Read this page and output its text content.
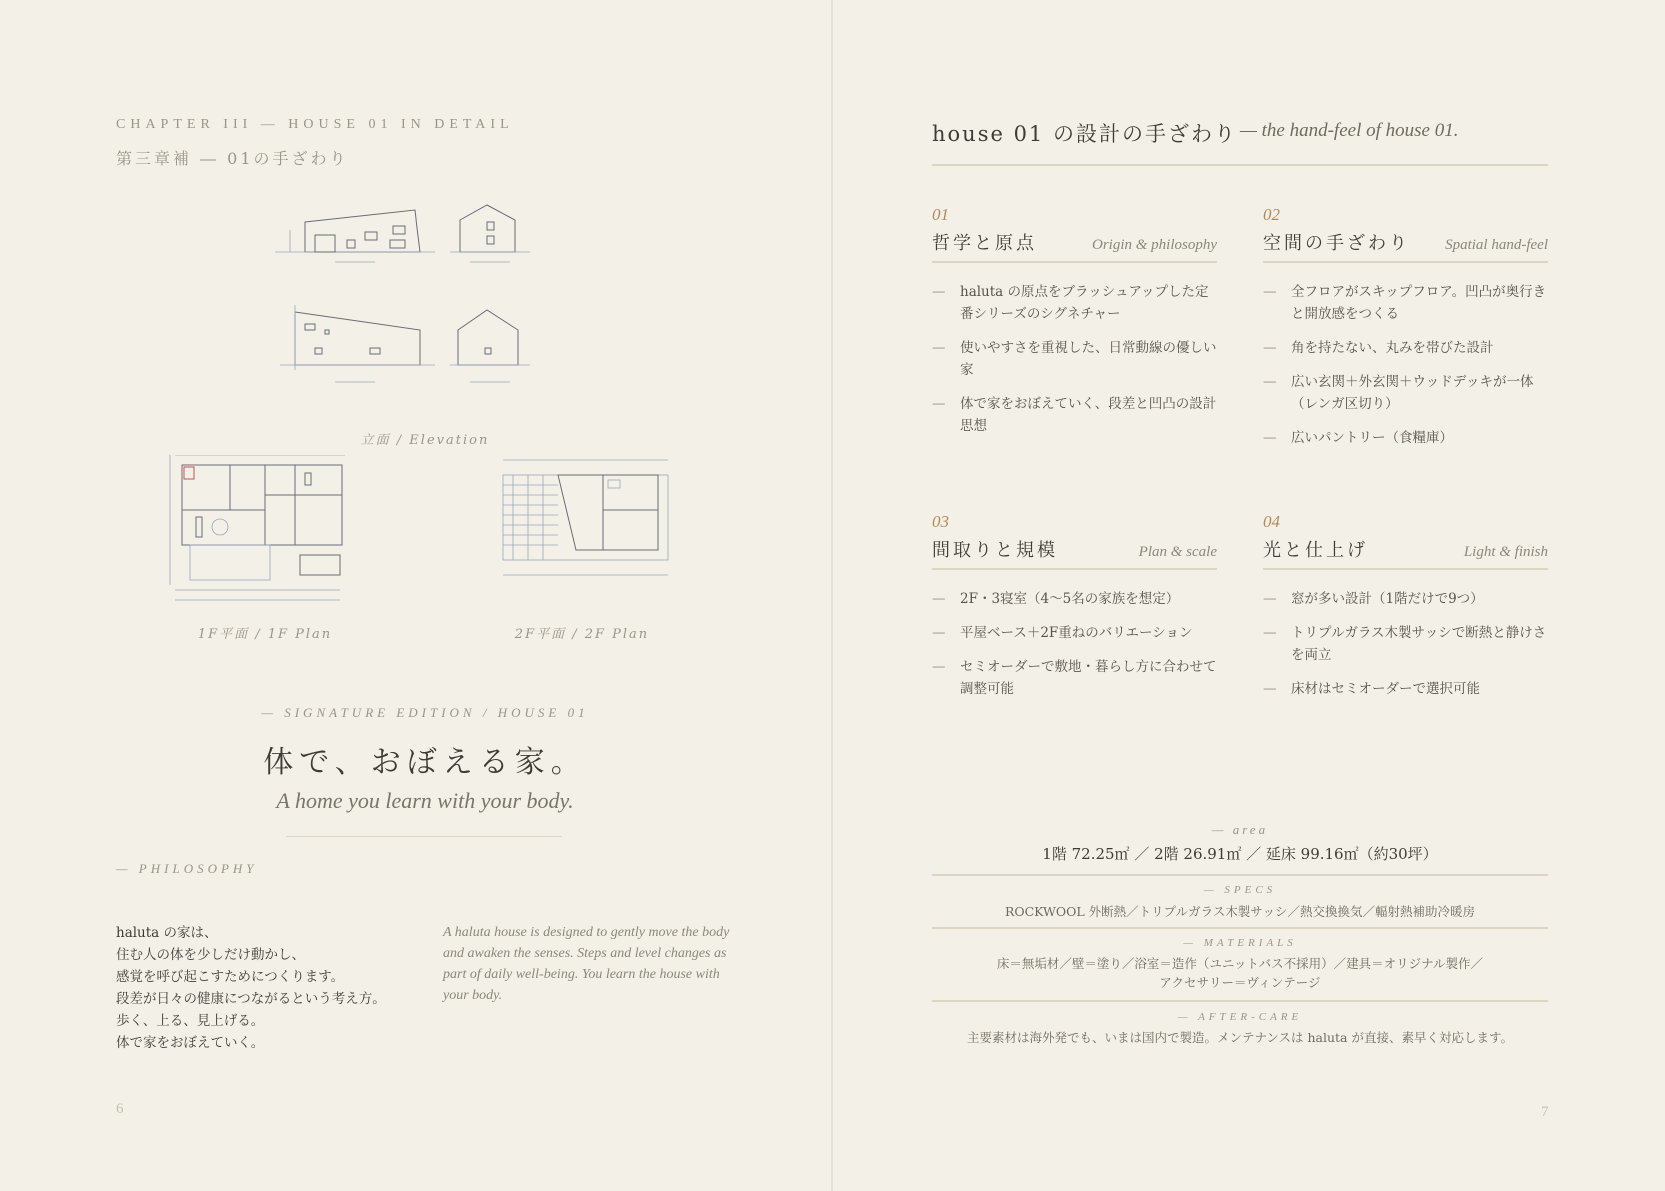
CHAPTER III — HOUSE 01 IN DETAIL
第三章補 ― 01の手ざわり
立面 / Elevation
1F平面 / 1F Plan	2F平面 / 2F Plan
— SIGNATURE EDITION / HOUSE 01
体で、おぼえる家。
A home you learn with your body.
— PHILOSOPHY
haluta の家は、
住む人の体を少しだけ動かし、
感覚を呼び起こすためにつくります。
段差が日々の健康につながるという考え方。
歩く、上る、見上げる。
体で家をおぼえていく。
A haluta house is designed to gently move the body and awaken the senses. Steps and level changes as part of daily well-being. You learn the house with your body.
6
house 01 の設計の手ざわり — the hand-feel of house 01.
01
哲学と原点	Origin & philosophy
— haluta の原点をブラッシュアップした定番シリーズのシグネチャー
— 使いやすさを重視した、日常動線の優しい家
— 体で家をおぼえていく、段差と凹凸の設計思想
02
空間の手ざわり Spatial hand-feel
— 全フロアがスキップフロア。凹凸が奥行きと開放感をつくる
— 角を持たない、丸みを帯びた設計
— 広い玄関＋外玄関＋ウッドデッキが一体（レンガ区切り）
— 広いパントリー（食糧庫）
03
間取りと規模	Plan & scale
— 2F・3寝室（4〜5名の家族を想定）
— 平屋ベース＋2F重ねのバリエーション
— セミオーダーで敷地・暮らし方に合わせて調整可能
04
光と仕上げ	Light & finish
— 窓が多い設計（1階だけで9つ）
— トリプルガラス木製サッシで断熱と静けさを両立
— 床材はセミオーダーで選択可能
— area
1階 72.25㎡ ／ 2階 26.91㎡ ／ 延床 99.16㎡（約30坪）
— SPECS
ROCKWOOL 外断熱／トリプルガラス木製サッシ／熱交換換気／輻射熱補助冷暖房
— MATERIALS
床＝無垢材／壁＝塗り／浴室＝造作（ユニットバス不採用）／建具＝オリジナル製作／
アクセサリー＝ヴィンテージ
— AFTER-CARE
主要素材は海外発でも、いまは国内で製造。メンテナンスは haluta が直接、素早く対応します。
7
